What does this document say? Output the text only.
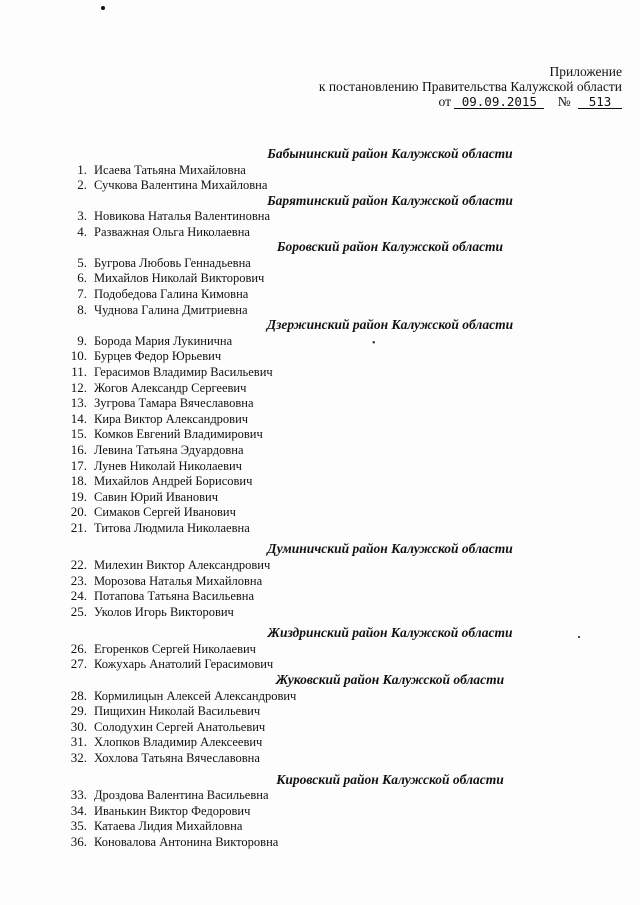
Приложение
к постановлению Правительства Калужской области
от 09.09.2015 № 513
Бабынинский район Калужской области
1. Исаева Татьяна Михайловна
2. Сучкова Валентина Михайловна
Барятинский район Калужской области
3. Новикова Наталья Валентиновна
4. Разважная Ольга Николаевна
Боровский район Калужской области
5. Бугрова Любовь Геннадьевна
6. Михайлов Николай Викторович
7. Подобедова Галина Кимовна
8. Чуднова Галина Дмитриевна
Дзержинский район Калужской области
9. Борода Мария Лукинична
10. Бурцев Федор Юрьевич
11. Герасимов Владимир Васильевич
12. Жогов Александр Сергеевич
13. Зугрова Тамара Вячеславовна
14. Кира Виктор Александрович
15. Комков Евгений Владимирович
16. Левина Татьяна Эдуардовна
17. Лунев Николай Николаевич
18. Михайлов Андрей Борисович
19. Савин Юрий Иванович
20. Симаков Сергей Иванович
21. Титова Людмила Николаевна
Думиничский район Калужской области
22. Милехин Виктор Александрович
23. Морозова Наталья Михайловна
24. Потапова Татьяна Васильевна
25. Уколов Игорь Викторович
Жиздринский район Калужской области
26. Егоренков Сергей Николаевич
27. Кожухарь Анатолий Герасимович
Жуковский район Калужской области
28. Кормилицын Алексей Александрович
29. Пищихин Николай Васильевич
30. Солодухин Сергей Анатольевич
31. Хлопков Владимир Алексеевич
32. Хохлова Татьяна Вячеславовна
Кировский район Калужской области
33. Дроздова Валентина Васильевна
34. Иванькин Виктор Федорович
35. Катаева Лидия Михайловна
36. Коновалова Антонина Викторовна
•
